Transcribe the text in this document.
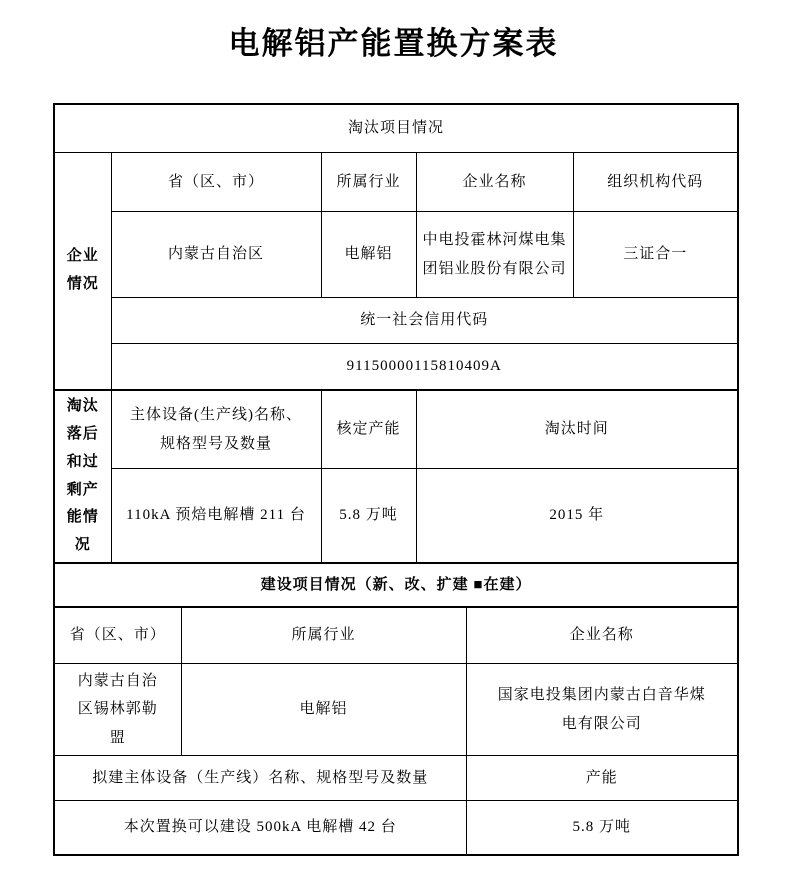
电解铝产能置换方案表
淘汰项目情况						
企业情况	省（区、市）		所属行业	企业名称		组织机构代码
	内蒙古自治区		电解铝	中电投霍林河煤电集团铝业股份有限公司		三证合一
	统一社会信用代码					
	91150000115810409A					
淘汰落后和过剩产能情况	主体设备(生产线)名称、规格型号及数量		核定产能	淘汰时间		
	110kA 预焙电解槽 211 台		5.8 万吨	2015 年		
建设项目情况（新、改、扩建 ■在建）						
省（区、市）		所属行业			企业名称	
内蒙古自治区锡林郭勒盟		电解铝			国家电投集团内蒙古白音华煤电有限公司	
拟建主体设备（生产线）名称、规格型号及数量					产能	
本次置换可以建设 500kA 电解槽 42 台					5.8 万吨	
